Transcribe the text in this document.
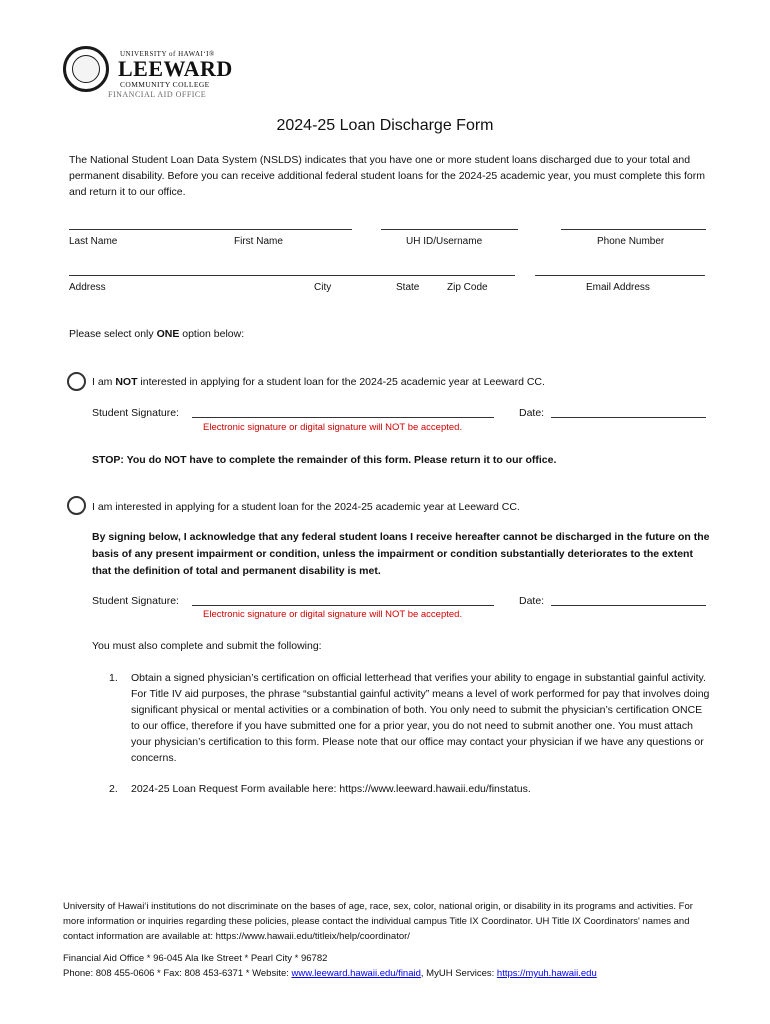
UNIVERSITY of HAWAIʻI®
LEEWARD
COMMUNITY COLLEGE
FINANCIAL AID OFFICE
2024-25 Loan Discharge Form
The National Student Loan Data System (NSLDS) indicates that you have one or more student loans discharged due to your total and permanent disability. Before you can receive additional federal student loans for the 2024-25 academic year, you must complete this form and return it to our office.
Last Name	First Name	UH ID/Username	Phone Number
Address	City	State	Zip Code	Email Address
Please select only ONE option below:
I am NOT interested in applying for a student loan for the 2024-25 academic year at Leeward CC.
Student Signature:	Date:
Electronic signature or digital signature will NOT be accepted.
STOP: You do NOT have to complete the remainder of this form. Please return it to our office.
I am interested in applying for a student loan for the 2024-25 academic year at Leeward CC.
By signing below, I acknowledge that any federal student loans I receive hereafter cannot be discharged in the future on the basis of any present impairment or condition, unless the impairment or condition substantially deteriorates to the extent that the definition of total and permanent disability is met.
Student Signature:	Date:
Electronic signature or digital signature will NOT be accepted.
You must also complete and submit the following:
1. Obtain a signed physician’s certification on official letterhead that verifies your ability to engage in substantial gainful activity. For Title IV aid purposes, the phrase “substantial gainful activity” means a level of work performed for pay that involves doing significant physical or mental activities or a combination of both. You only need to submit the physician’s certification ONCE to our office, therefore if you have submitted one for a prior year, you do not need to submit another one. You must attach your physician’s certification to this form. Please note that our office may contact your physician if we have any questions or concerns.
2. 2024-25 Loan Request Form available here: https://www.leeward.hawaii.edu/finstatus.
University of Hawaiʻi institutions do not discriminate on the bases of age, race, sex, color, national origin, or disability in its programs and activities. For more information or inquiries regarding these policies, please contact the individual campus Title IX Coordinator. UH Title IX Coordinators' names and contact information are available at: https://www.hawaii.edu/titleix/help/coordinator/
Financial Aid Office * 96-045 Ala Ike Street * Pearl City * 96782
Phone: 808 455-0606 * Fax: 808 453-6371 * Website: www.leeward.hawaii.edu/finaid, MyUH Services: https://myuh.hawaii.edu
